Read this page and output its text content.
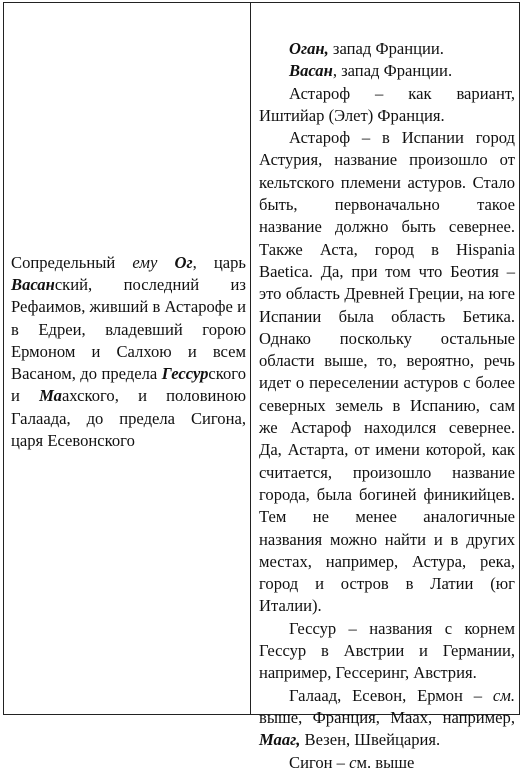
Сопредельный ему Ог, царь Васанский, последний из Рефаимов, живший в Астарофе и в Едреи, владевший горою Ермоном и Салхою и всем Васаном, до предела Гессурского и Маахского, и половиною Галаада, до предела Сигона, царя Есевонского

Оган, запад Франции.

Васан, запад Франции.

Астароф – как вариант, Иштийар (Элет) Франция.

Астароф – в Испании город Астурия, название произошло от кельтского племени астуров. Стало быть, первоначально такое название должно быть севернее. Также Аста, город в Hispania Baetica. Да, при том что Беотия – это область Древней Греции, на юге Испании была область Бетика. Однако поскольку остальные области выше, то, вероятно, речь идет о переселении астуров с более северных земель в Испанию, сам же Астароф находился севернее. Да, Астарта, от имени которой, как считается, произошло название города, была богиней финикийцев. Тем не менее аналогичные названия можно найти и в других местах, например, Астура, река, город и остров в Латии (юг Италии).

Гессур – названия с корнем Гессур в Австрии и Германии, например, Гессеринг, Австрия.

Галаад, Есевон, Ермон – см. выше, Франция, Маах, например, Мааг, Везен, Швейцария.

Сигон – см. выше
